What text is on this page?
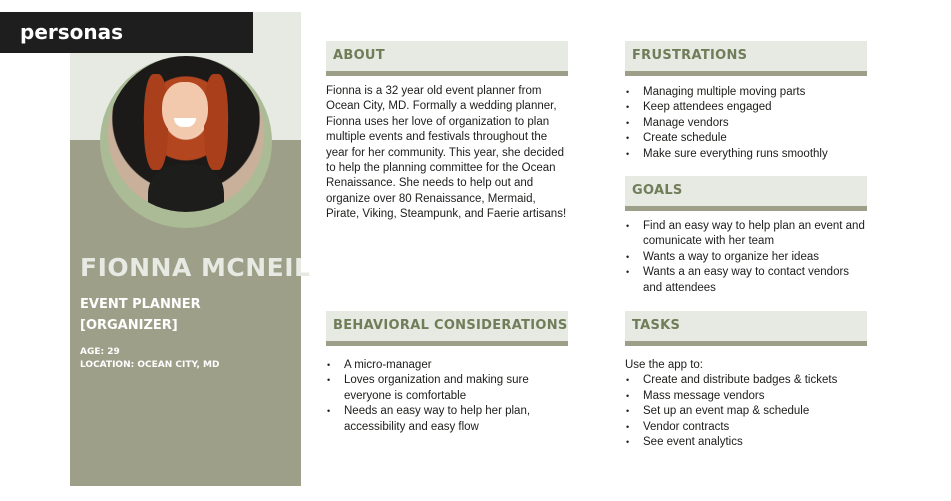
personas
FIONNA MCNEIL
EVENT PLANNER
[ORGANIZER]
AGE: 29
LOCATION: OCEAN CITY, MD
ABOUT
Fionna is a 32 year old event planner from Ocean City, MD. Formally a wedding planner, Fionna uses her love of organization to plan multiple events and festivals throughout the year for her community. This year, she decided to help the planning committee for the Ocean Renaissance. She needs to help out and organize over 80 Renaissance, Mermaid, Pirate, Viking, Steampunk, and Faerie artisans!
BEHAVIORAL CONSIDERATIONS
• A micro-manager
• Loves organization and making sure everyone is comfortable
• Needs an easy way to help her plan, accessibility and easy flow
FRUSTRATIONS
• Managing multiple moving parts
• Keep attendees engaged
• Manage vendors
• Create schedule
• Make sure everything runs smoothly
GOALS
• Find an easy way to help plan an event and comunicate with her team
• Wants a way to organize her ideas
• Wants a an easy way to contact vendors and attendees
TASKS

Use the app to:

• Create and distribute badges & tickets
• Mass message vendors
• Set up an event map & schedule
• Vendor contracts
• See event analytics
